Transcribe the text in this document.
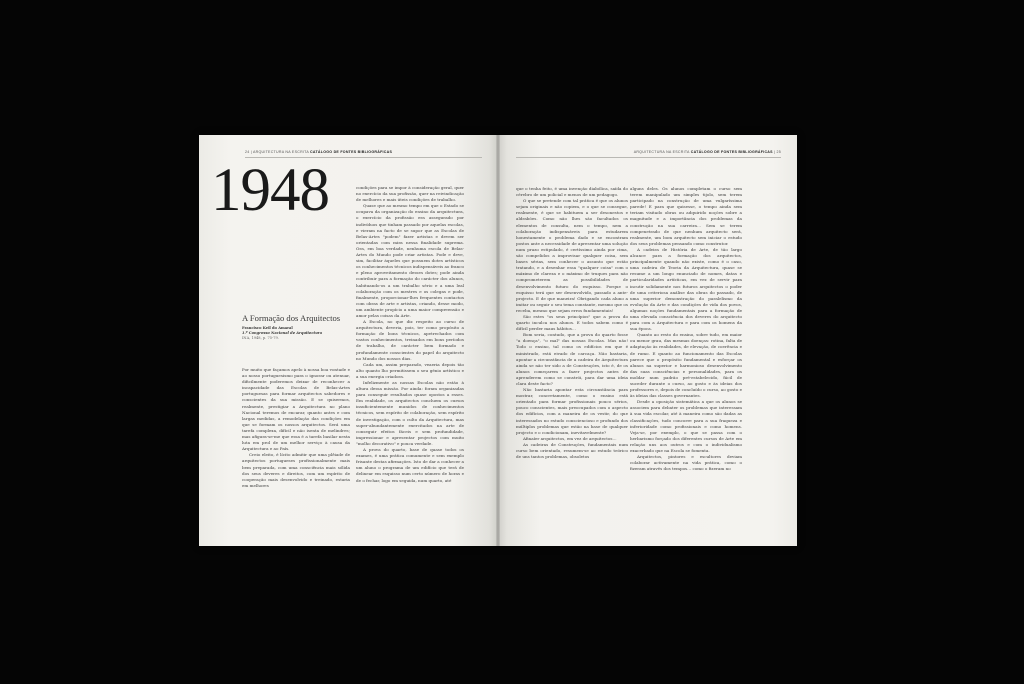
24 | ARQUITECTURA NA ESCRITA CATÁLOGO DE FONTES BIBLIOGRÁFICAS
1948
A Formação dos Arquitectos
Francisco Keil do Amaral
1.º Congresso Nacional de Arquitectura
INA, 1948, p. 75-79.

Por muito que façamos apelo à nossa boa vontade e ao nosso portuguesismo para o ignorar ou atenuar, dificilmente poderemos deixar de reconhecer a incapacidade das Escolas de Belas-Artes portuguesas para formar arquitectos sabedores e conscientes da sua missão. E se quisermos, realmente, prestigiar a Arquitectura no plano Nacional teremos de encarar, quanto antes e com largas medidas, a remodelação das condições em que se formam os nossos arquitectos. Será uma tarefa complexa, difícil e não isenta de melindres; mas afigura-se-me que essa é a tarefa basilar nesta luta em prol de um melhor serviço à causa da Arquitectura e ao País.

Creio eleito, é lícito admitir que uma plêiade de arquitectos portugueses profissionalmente mais bem preparada, com uma consciência mais sólida dos seus deveres e direitos, com um espírito de cooperação mais desenvolvido e treinado, estaria em melhores

condições para se impor à consideração geral, quer no exercício da sua profissão, quer na reivindicação de melhores e mais úteis condições de trabalho.

Quase que ao mesmo tempo em que o Estado se ocupava da organização do ensino da arquitectura, o exercício da profissão era assegurado por indivíduos que tinham passado por aquelas escolas, e vieram na facto de se supor que as Escolas de Belas-Artes "podem" fazer artistas e devem ser orientadas com mira nessa finalidade suprema. Ora, em boa verdade, nenhuma escola de Belas-Artes do Mundo pode criar artistas. Pode e deve, sim, facilitar àqueles que possuem dotes artísticos os conhecimentos técnicos indispensáveis ao franco e pleno aproveitamento desses dotes; pode ainda contribuir para a formação do carácter dos alunos, habituando-os a um trabalho sério e a uma leal colaboração com os mestres e os colegas e pode, finalmente, proporcionar-lhes frequentes contactos com obras de arte e artistas, criando, desse modo, um ambiente propício a uma maior compreensão e amor pelas coisas da Arte.

A Escola, no que diz respeito ao curso de arquitectura, deveria, pois, ter como propósito a formação de bons técnicos, apetrechados com vastos conhecimentos, treinados em bons períodos de trabalho, de carácter bem formado e profundamente conscientes do papel do arquitecto no Mundo dos nossos dias.

Cada um, assim preparado, veaeria depois tão alto quanto lho permitissem o seu génio artístico e a sua energia criadora.

Infelizmente as nossas Escolas não estão à altura dessa missão. Por ainda: foram organizadas para conseguir resultados quase opostos a esses. Em realidade, os arquitectos concluem os cursos insuficientemente munidos de conhecimentos técnicos, sem espírito de colaboração, sem espírito de investigação, com o culto da Arquitectura, mas super-abundantemente exercitados na arte de conseguir efeitos fáceis e sem profundidade, impressionar e apresentar projectos com muito "molho decorativo" e pouca verdade.

A prova do quarto, base de quase todos os exames, é uma prática comumente e sem exemplo frisante destas afirmações. Isto de dar a conhecer a um aluno o programa de um edifício que terá de delinear em esquisso num certo número de horas e de o fechar, logo em seguida, num quarto, até

ARQUITECTURA NA ESCRITA CATÁLOGO DE FONTES BIBLIOGRÁFICAS | 25

que o tenha feito, é uma invenção diabólica, saída do cérebro de um policial e menos de um pedagogo.

O que se pretende com tal prática é que os alunos sejam originais e não copiem, e o que se consegue, realmente, é que se habituem a ser desonestos e aldrabões. Como não lhes são facultados os elementos de consulta, nem o tempo, nem a colaboração indispensáveis para estudarem honestamente o problema dado e se encontram postos ante a necessidade de apresentar uma solução num prazo estipulado, é certíssimo ainda por cima, são compelidos a improvisar qualquer coisa, sem bases sérias, sem conhecer o assunto que estão tratando, e a desenhar essa "qualquer coisa" com o máximo de clareza e o máximo de truques para não comprometerem as possibilidades de desenvolvimento futuro do esquisso. Porque o esquisso terá que ser desenvolvido, passado a ante-projecto. E de que maneira! Obrigando cada aluno a imitar ou seguir o seu tema constante, mesmo que os receba, mesmo que sejam erros fundamentais!

São estes "os seus princípios" que a prova do quarto inculca nos alunos. E todos sabem como é difícil perder maus hábitos…

Bom seria, contudo, que a prova do quarto fosse "a doença", "o mal" das nossas Escolas. Mas não! Todo o ensino, tal como os edifícios em que é ministrado, está eivado de carcaça. Não bastaria, apontar a circunstância de a cadeira de Arquitectura ainda se não ter sido a de Construções, isto é, de os alunos começarem a fazer projectos antes de aprenderem como se constrói, para dar uma ideia clara deste facto?

Não bastaria apontar esta circunstância para mostrar, concretamente, como o ensino está orientado para formar profissionais pouco sérios, pouco conscientes, mais preocupados com o aspecto dos edifícios, com a maneira de os vestir, do que interessados no estudo consciencioso e profundo dos múltiplos problemas que estão na base de qualquer projecto e o condicionam, inevitavelmente?

Afinaíer arquitectos, em vez de arquitectos…

As cadeiras de Construções, fundamentais num curso bem orientado, resumem-se ao estudo teórico de uns tantos problemas, obsoletos

alguns deles. Os alunos completam o curso sem terem manipulado um simples tijolo, sem terem participado na construção de uma vulgaríssima parede! E para que quisesse, o tempo ainda sem teriam visitado obras ou adquirido noções sobre a magnitude e a importância dos problemas da construção na sua carreira… Sem se terem compenetrado de que nenhum arquitecto será, realmente, um bom arquitecto sem iniciar o estudo dos seus problemas pensando como construtor.

A cadeira de História de Arte, de tão largo alcance para a formação dos arquitectos, principalmente quando não existe, como é o caso, uma cadeira de Teoria da Arquitectura, quase se resume a um longo enunciado de nomes, datas e particularidades artísticas, em vez de servir para incutir solidamente nos futuros arquitectos o poder de uma criteriosa análise das obras do passado, de uma superior demonstração do paralelismo da evolução da Arte e das condições de vida dos povos, algumas noções fundamentais para a formação de uma elevada consciência dos deveres do arquitecto para com a Arquitectura e para com os homens da sua época.

Quanto ao resto do ensino, sobre tudo, em maior ou menor grau, das mesmas doenças: rotina, falta de adaptação às realidades, de elevação, de coerência e de rumo. E quanto ao funcionamento das Escolas parece que o propósito fundamental e esforçar os alunos na superior e harmonioso desenvolvimento das suas consciências e personalidades, para os moldar num padrão pré-estabelecido, fácil de suceder durante o curso, ao gosto e às ideias dos professores e, depois de concluído o curso, ao gosto e às ideias das classes governantes.

Desde a oposição sistemática a que os alunos se associem para debater os problemas que interessam à sua vida escolar, até à maneira como são dadas as classificações, tudo concorre para a sua fraqueza e inferioridade como profissionais e como homens. Veja-se, por exemplo, o que se passa com o herbarismo forçado dos diferentes cursos de Arte em relação uns aos outros e com o individualismo exacerbado que na Escola se fomenta.

Arquitectos, pintores e escultores deviam colaborar activamente na vida prática, como o fizeram através dos tempos… como o fizeram no
